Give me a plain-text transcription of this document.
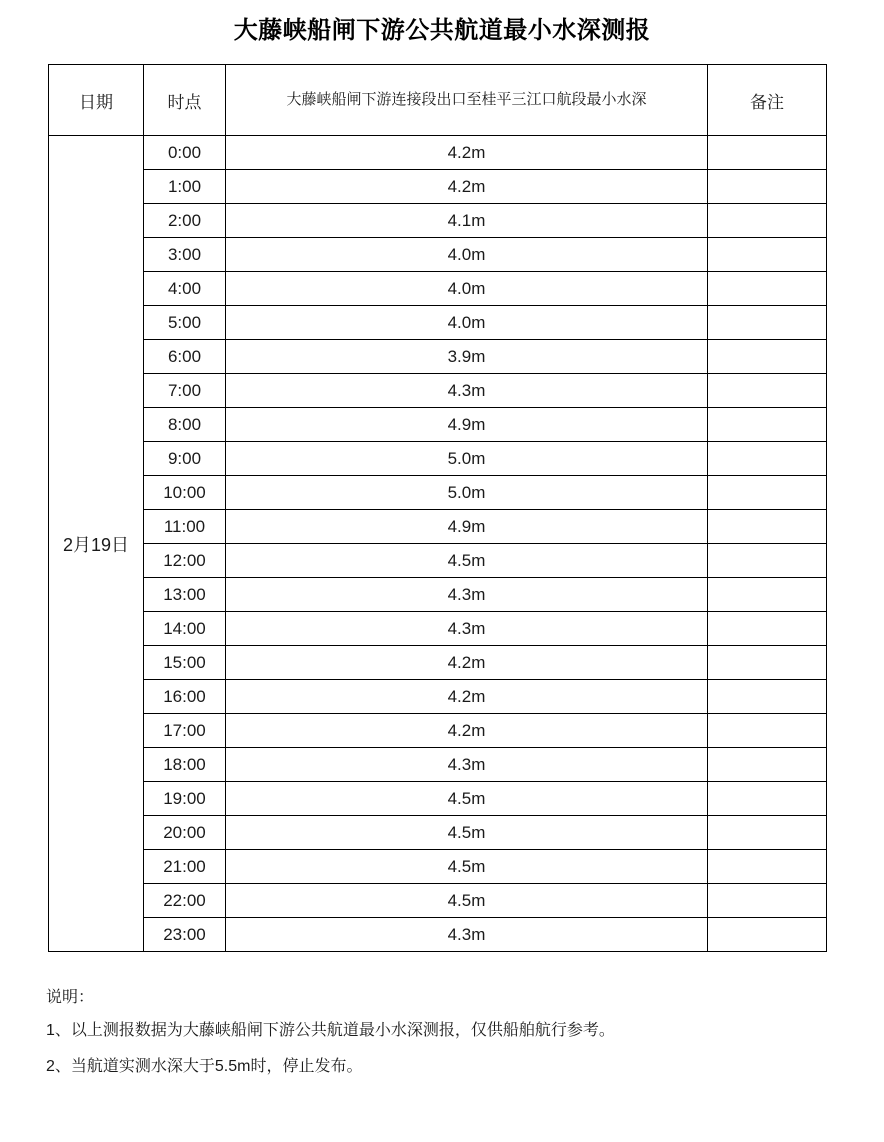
大藤峡船闸下游公共航道最小水深测报
日期	时点	大藤峡船闸下游连接段出口至桂平三江口航段最小水深	备注
2月19日	0:00	4.2m	
	1:00	4.2m	
	2:00	4.1m	
	3:00	4.0m	
	4:00	4.0m	
	5:00	4.0m	
	6:00	3.9m	
	7:00	4.3m	
	8:00	4.9m	
	9:00	5.0m	
	10:00	5.0m	
	11:00	4.9m	
	12:00	4.5m	
	13:00	4.3m	
	14:00	4.3m	
	15:00	4.2m	
	16:00	4.2m	
	17:00	4.2m	
	18:00	4.3m	
	19:00	4.5m	
	20:00	4.5m	
	21:00	4.5m	
	22:00	4.5m	
	23:00	4.3m	
说明：
1、以上测报数据为大藤峡船闸下游公共航道最小水深测报，仅供船舶航行参考。
2、当航道实测水深大于5.5m时，停止发布。
